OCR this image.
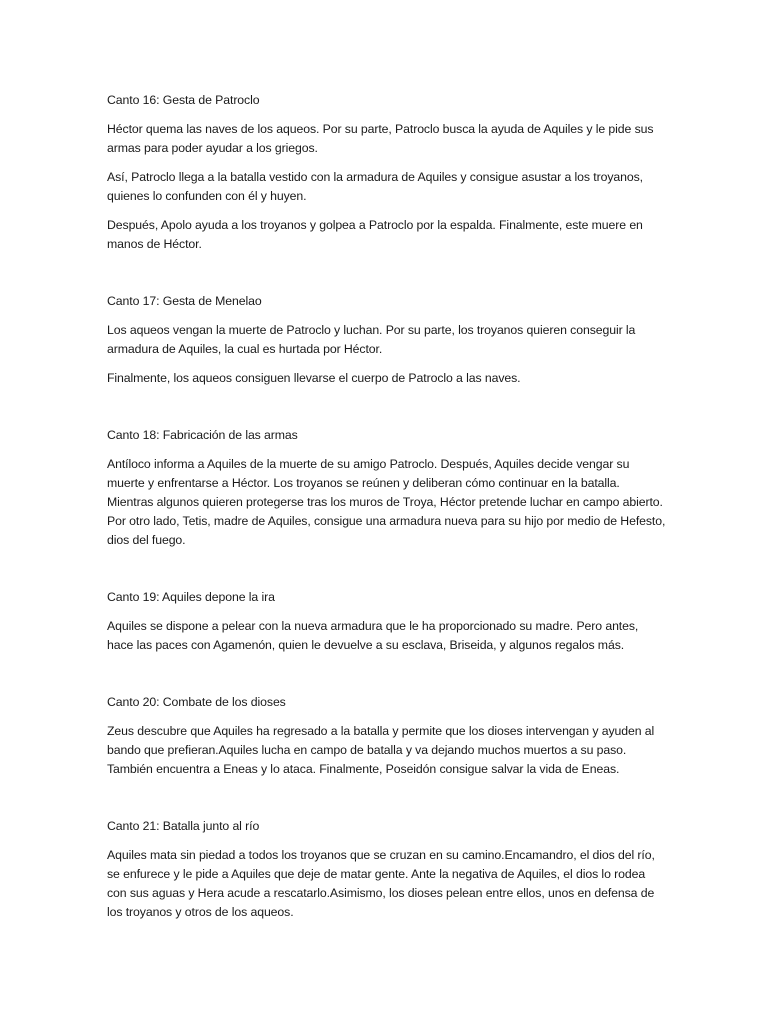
Canto 16: Gesta de Patroclo

Héctor quema las naves de los aqueos. Por su parte, Patroclo busca la ayuda de Aquiles y le pide sus armas para poder ayudar a los griegos.

Así, Patroclo llega a la batalla vestido con la armadura de Aquiles y consigue asustar a los troyanos, quienes lo confunden con él y huyen.

Después, Apolo ayuda a los troyanos y golpea a Patroclo por la espalda. Finalmente, este muere en manos de Héctor.

Canto 17: Gesta de Menelao

Los aqueos vengan la muerte de Patroclo y luchan. Por su parte, los troyanos quieren conseguir la armadura de Aquiles, la cual es hurtada por Héctor.

Finalmente, los aqueos consiguen llevarse el cuerpo de Patroclo a las naves.

Canto 18: Fabricación de las armas

Antíloco informa a Aquiles de la muerte de su amigo Patroclo. Después, Aquiles decide vengar su muerte y enfrentarse a Héctor. Los troyanos se reúnen y deliberan cómo continuar en la batalla. Mientras algunos quieren protegerse tras los muros de Troya, Héctor pretende luchar en campo abierto. Por otro lado, Tetis, madre de Aquiles, consigue una armadura nueva para su hijo por medio de Hefesto, dios del fuego.

Canto 19: Aquiles depone la ira

Aquiles se dispone a pelear con la nueva armadura que le ha proporcionado su madre. Pero antes, hace las paces con Agamenón, quien le devuelve a su esclava, Briseida, y algunos regalos más.

Canto 20: Combate de los dioses

Zeus descubre que Aquiles ha regresado a la batalla y permite que los dioses intervengan y ayuden al bando que prefieran.Aquiles lucha en campo de batalla y va dejando muchos muertos a su paso. También encuentra a Eneas y lo ataca. Finalmente, Poseidón consigue salvar la vida de Eneas.

Canto 21: Batalla junto al río

Aquiles mata sin piedad a todos los troyanos que se cruzan en su camino.Encamandro, el dios del río, se enfurece y le pide a Aquiles que deje de matar gente. Ante la negativa de Aquiles, el dios lo rodea con sus aguas y Hera acude a rescatarlo.Asimismo, los dioses pelean entre ellos, unos en defensa de los troyanos y otros de los aqueos.
